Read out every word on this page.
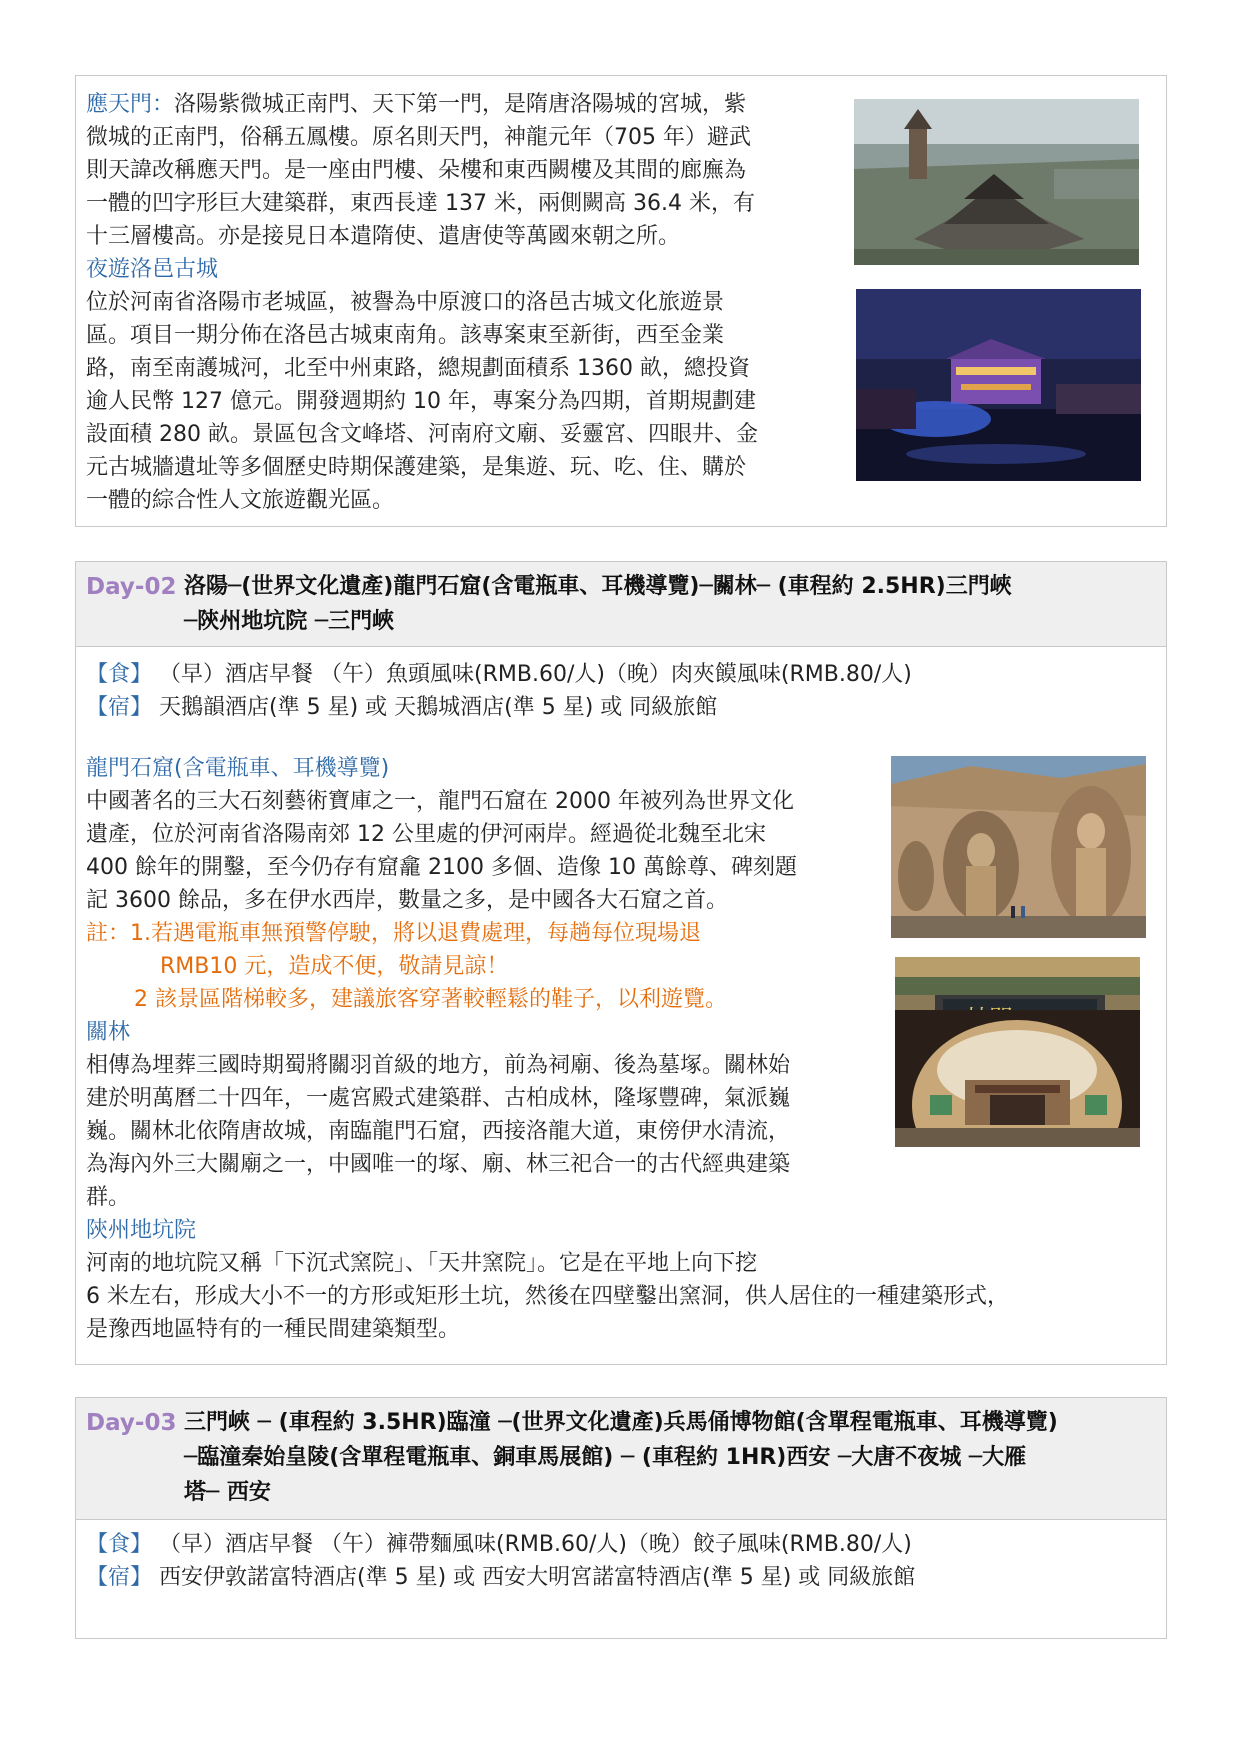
應天門：洛陽紫微城正南門、天下第一門，是隋唐洛陽城的宮城，紫
微城的正南門，俗稱五鳳樓。原名則天門，神龍元年（705 年）避武
則天諱改稱應天門。是一座由門樓、朵樓和東西闕樓及其間的廊廡為
一體的凹字形巨大建築群，東西長達 137 米，兩側闕高 36.4 米，有
十三層樓高。亦是接見日本遣隋使、遣唐使等萬國來朝之所。
夜遊洛邑古城
位於河南省洛陽市老城區，被譽為中原渡口的洛邑古城文化旅遊景
區。項目一期分佈在洛邑古城東南角。該專案東至新街，西至金業
路，南至南護城河，北至中州東路，總規劃面積系 1360 畝，總投資
逾人民幣 127 億元。開發週期約 10 年，專案分為四期，首期規劃建
設面積 280 畝。景區包含文峰塔、河南府文廟、妥靈宮、四眼井、金
元古城牆遺址等多個歷史時期保護建築，是集遊、玩、吃、住、購於
一體的綜合性人文旅遊觀光區。
Day-02 洛陽─(世界文化遺產)龍門石窟(含電瓶車、耳機導覽)─關林─ (車程約 2.5HR)三門峽
─陝州地坑院 ─三門峽
【食】 （早）酒店早餐 （午）魚頭風味(RMB.60/人)（晚）肉夾饃風味(RMB.80/人)
【宿】 天鵝韻酒店(準 5 星) 或 天鵝城酒店(準 5 星) 或 同級旅館
龍門石窟(含電瓶車、耳機導覽)
中國著名的三大石刻藝術寶庫之一，龍門石窟在 2000 年被列為世界文化
遺產，位於河南省洛陽南郊 12 公里處的伊河兩岸。經過從北魏至北宋
400 餘年的開鑿，至今仍存有窟龕 2100 多個、造像 10 萬餘尊、碑刻題
記 3600 餘品，多在伊水西岸，數量之多，是中國各大石窟之首。
註：1.若遇電瓶車無預警停駛，將以退費處理，每趟每位現場退
RMB10 元，造成不便，敬請見諒！
2 該景區階梯較多，建議旅客穿著較輕鬆的鞋子，以利遊覽。
關林
相傳為埋葬三國時期蜀將關羽首級的地方，前為祠廟、後為墓塚。關林始
建於明萬曆二十四年，一處宮殿式建築群、古柏成林，隆塚豐碑，氣派巍
巍。關林北依隋唐故城，南臨龍門石窟，西接洛龍大道，東傍伊水清流，
為海內外三大關廟之一，中國唯一的塚、廟、林三祀合一的古代經典建築
群。
陝州地坑院
河南的地坑院又稱「下沉式窯院」、「天井窯院」。它是在平地上向下挖
6 米左右，形成大小不一的方形或矩形土坑，然後在四壁鑿出窯洞，供人居住的一種建築形式，
是豫西地區特有的一種民間建築類型。
Day-03 三門峽 ─ (車程約 3.5HR)臨潼 ─(世界文化遺產)兵馬俑博物館(含單程電瓶車、耳機導覽)
─臨潼秦始皇陵(含單程電瓶車、銅車馬展館) ─ (車程約 1HR)西安 ─大唐不夜城 ─大雁
塔─ 西安
【食】 （早）酒店早餐 （午）褲帶麵風味(RMB.60/人)（晚）餃子風味(RMB.80/人)
【宿】 西安伊敦諾富特酒店(準 5 星) 或 西安大明宮諾富特酒店(準 5 星) 或 同級旅館
